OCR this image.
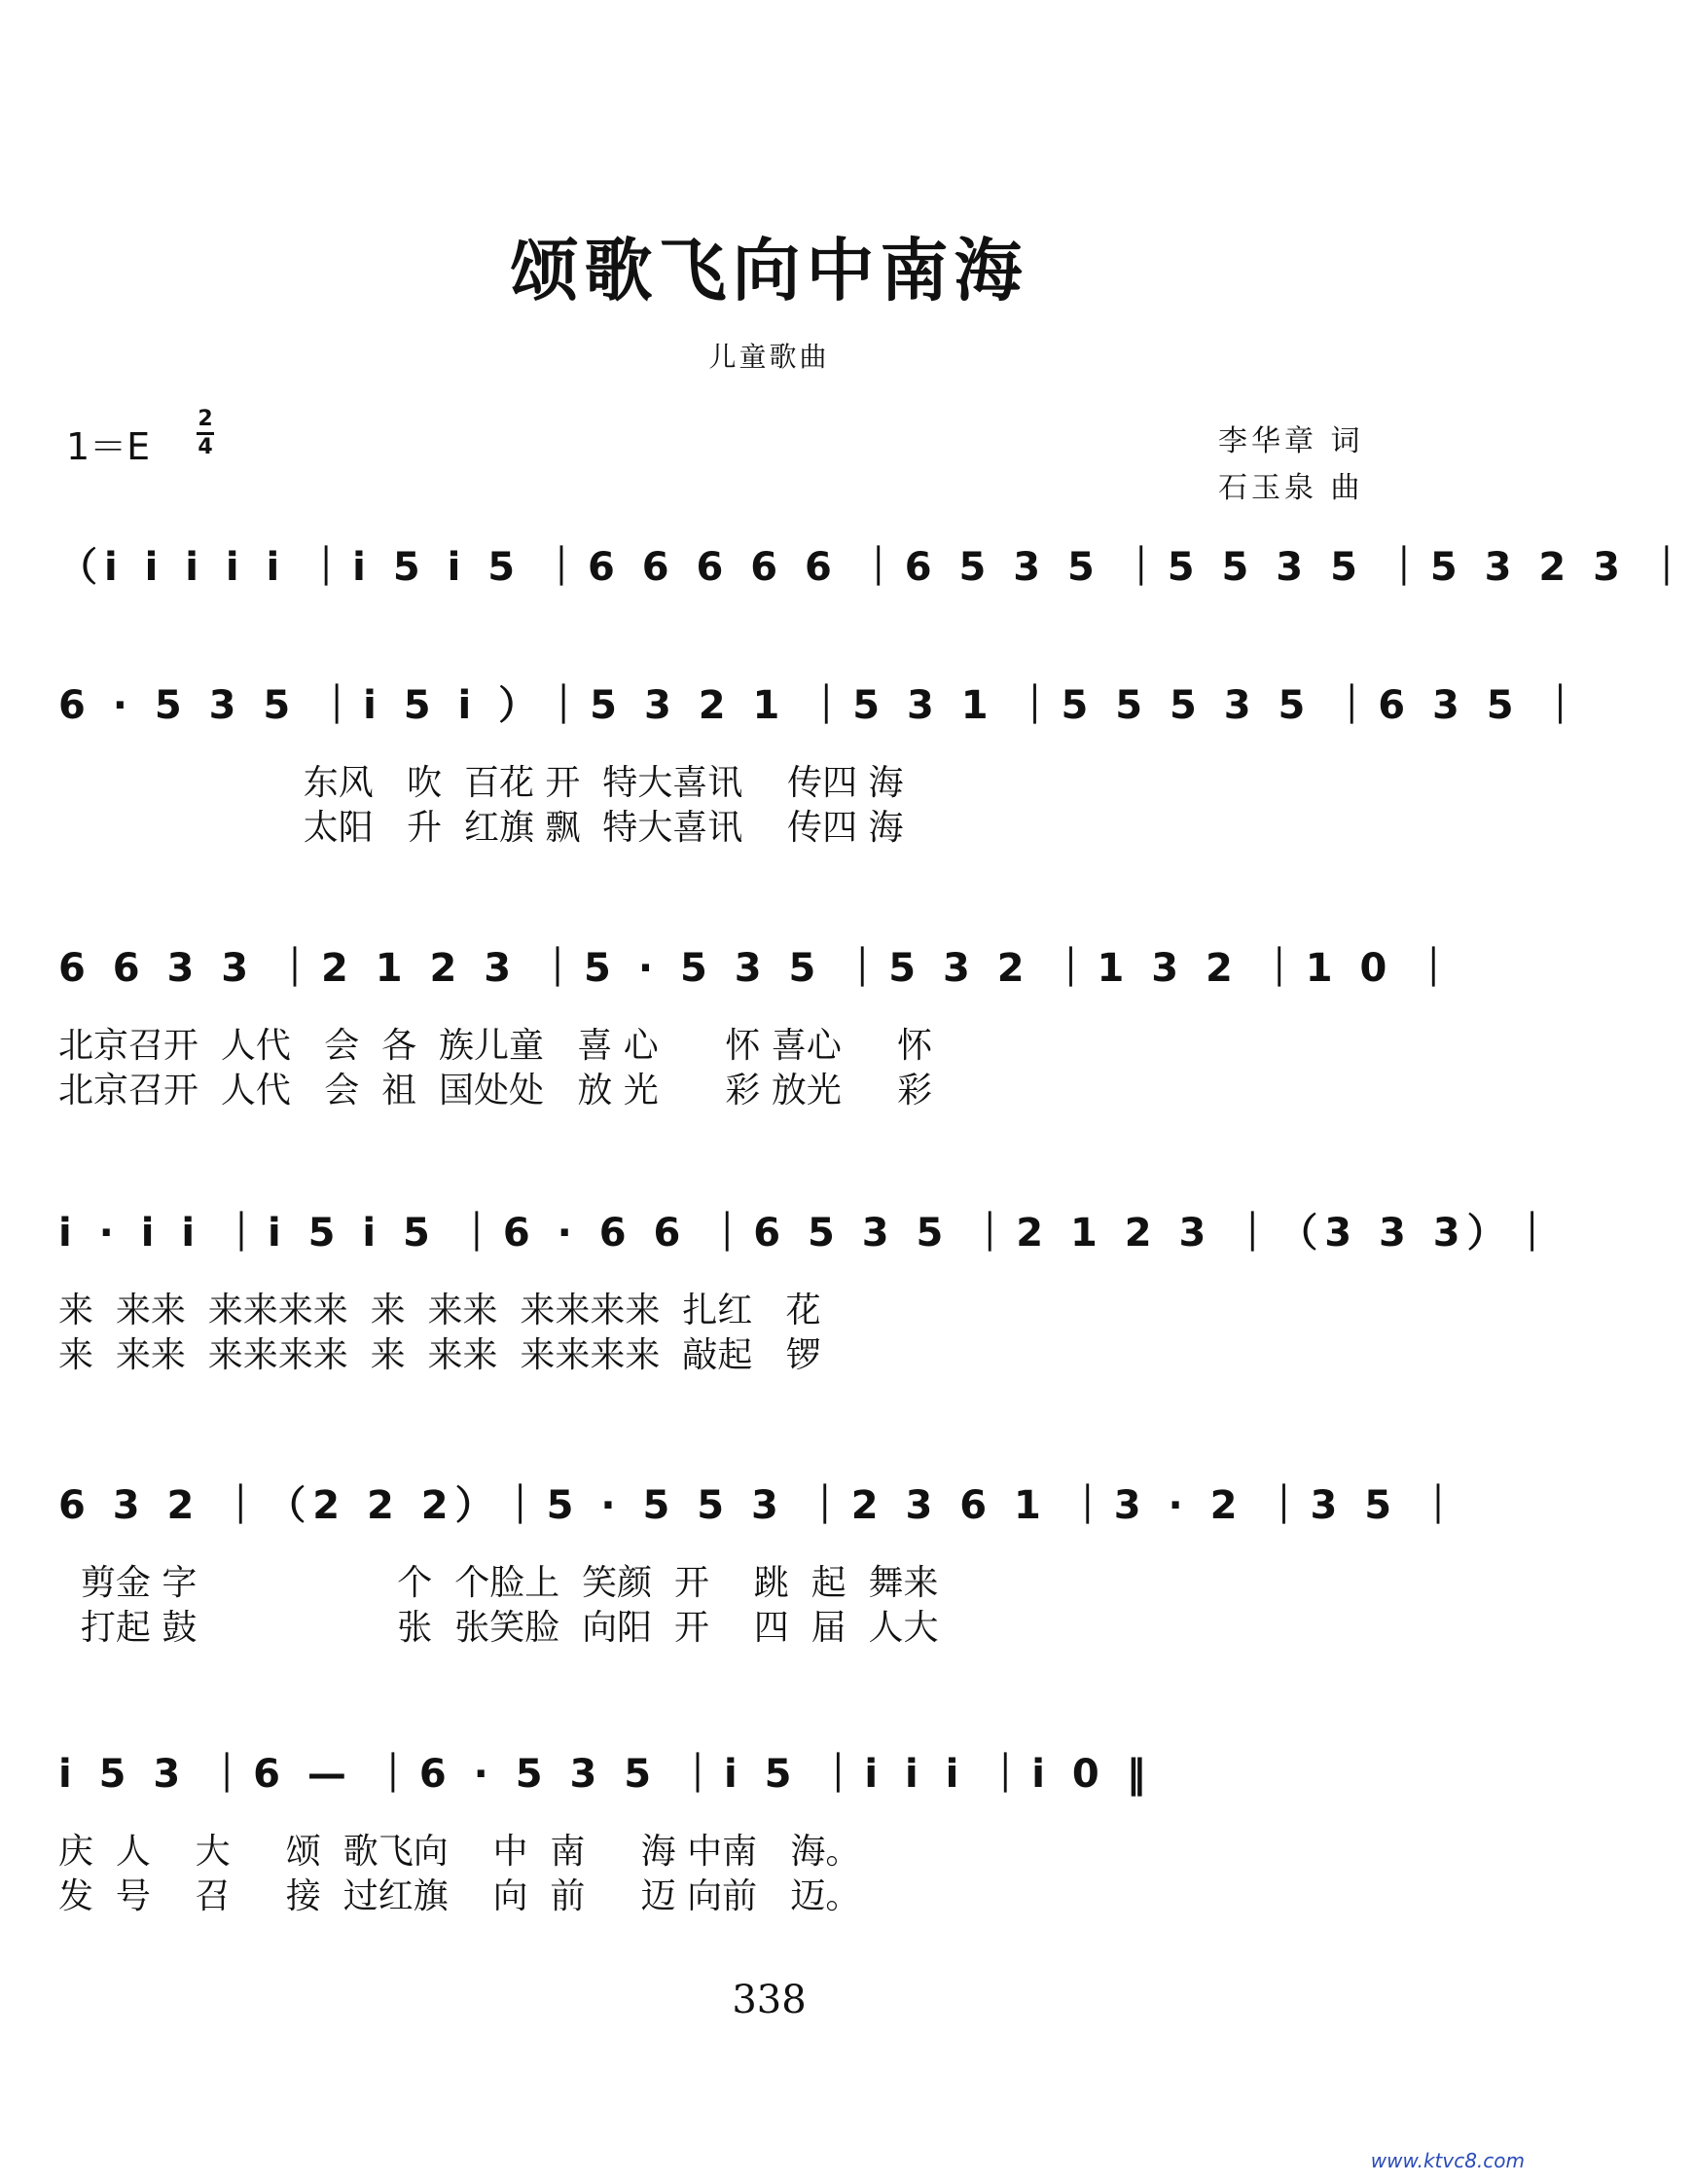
颂歌飞向中南海
儿童歌曲
1＝E
2
4	李华章 词
石玉泉 曲
（i i i i i ｜i 5 i 5 ｜6 6 6 6 6 ｜6 5 3 5 ｜5 5 3 5 ｜5 3 2 3 ｜
6 · 5 3 5 ｜i 5 i ）｜5 3 2 1 ｜5 3 1 ｜5 5 5 3 5 ｜6 3 5 ｜
东风   吹  百花 开  特大喜讯    传四 海
太阳   升  红旗 飘  特大喜讯    传四 海
6 6 3 3 ｜2 1 2 3 ｜5 · 5 3 5 ｜5 3 2 ｜1 3 2 ｜1 0 ｜
北京召开  人代   会  各  族儿童   喜 心      怀 喜心     怀
北京召开  人代   会  祖  国处处   放 光      彩 放光     彩
i · i i ｜i 5 i 5 ｜6 · 6 6 ｜6 5 3 5 ｜2 1 2 3 ｜（3 3 3）｜
来  来来  来来来来  来  来来  来来来来  扎红   花
来  来来  来来来来  来  来来  来来来来  敲起   锣
6 3 2 ｜（2 2 2）｜5 · 5 5 3 ｜2 3 6 1 ｜3 · 2 ｜3 5 ｜
剪金 字                  个  个脸上  笑颜  开    跳  起  舞来
打起 鼓                  张  张笑脸  向阳  开    四  届  人大
i 5 3 ｜6 — ｜6 · 5 3 5 ｜i 5 ｜i i i ｜i 0 ‖
庆  人    大     颂  歌飞向    中  南     海 中南   海。
发  号    召     接  过红旗    向  前     迈 向前   迈。
338
www.ktvc8.com
